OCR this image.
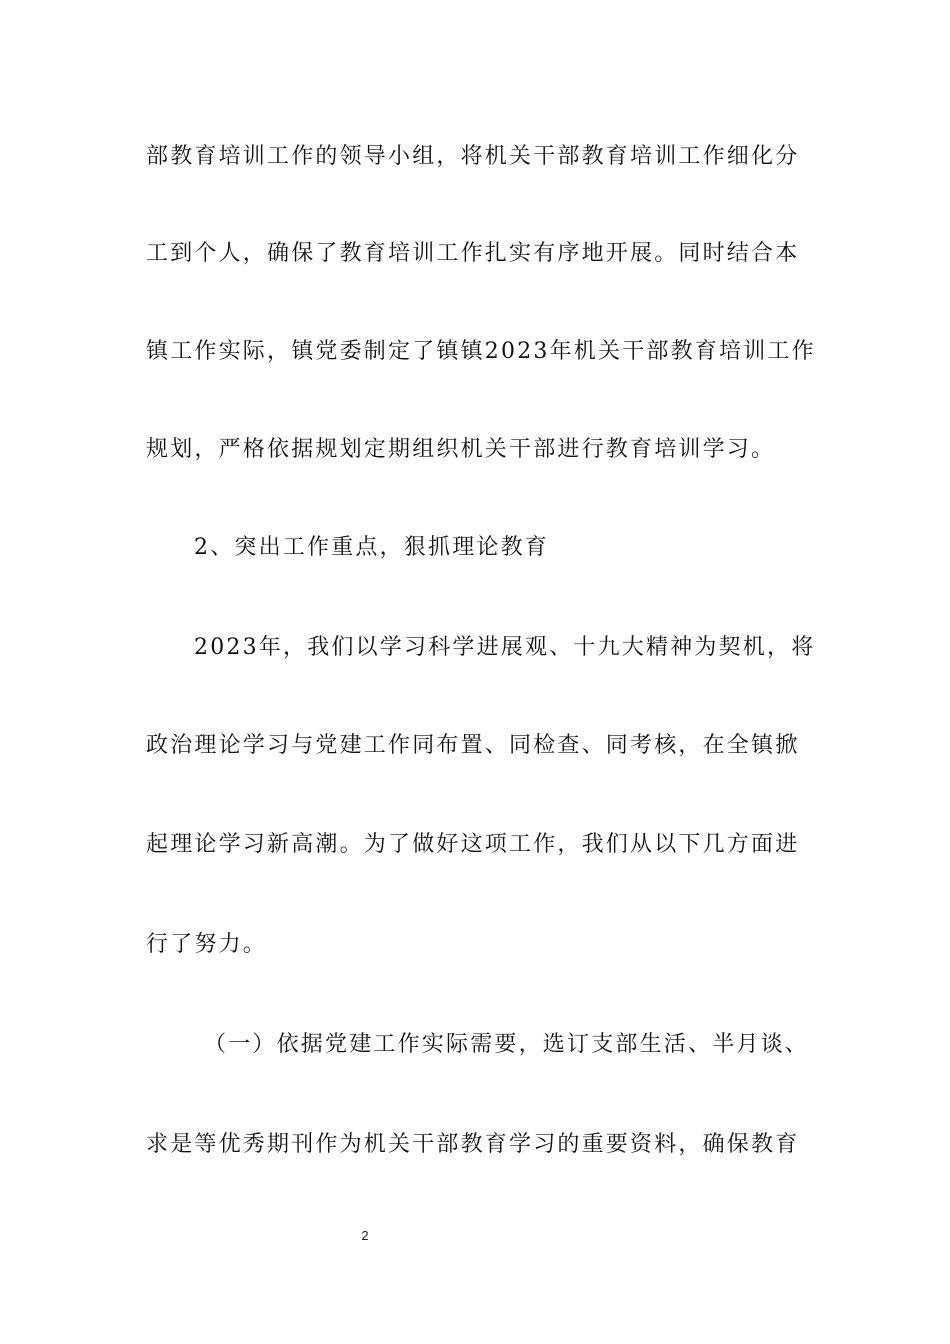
部教育培训工作的领导小组，将机关干部教育培训工作细化分
工到个人，确保了教育培训工作扎实有序地开展。同时结合本
镇工作实际，镇党委制定了镇镇2023年机关干部教育培训工作
规划，严格依据规划定期组织机关干部进行教育培训学习。
2、突出工作重点，狠抓理论教育
2023年，我们以学习科学进展观、十九大精神为契机，将
政治理论学习与党建工作同布置、同检查、同考核，在全镇掀
起理论学习新高潮。为了做好这项工作，我们从以下几方面进
行了努力。
（一）依据党建工作实际需要，选订支部生活、半月谈、
求是等优秀期刊作为机关干部教育学习的重要资料，确保教育
2
